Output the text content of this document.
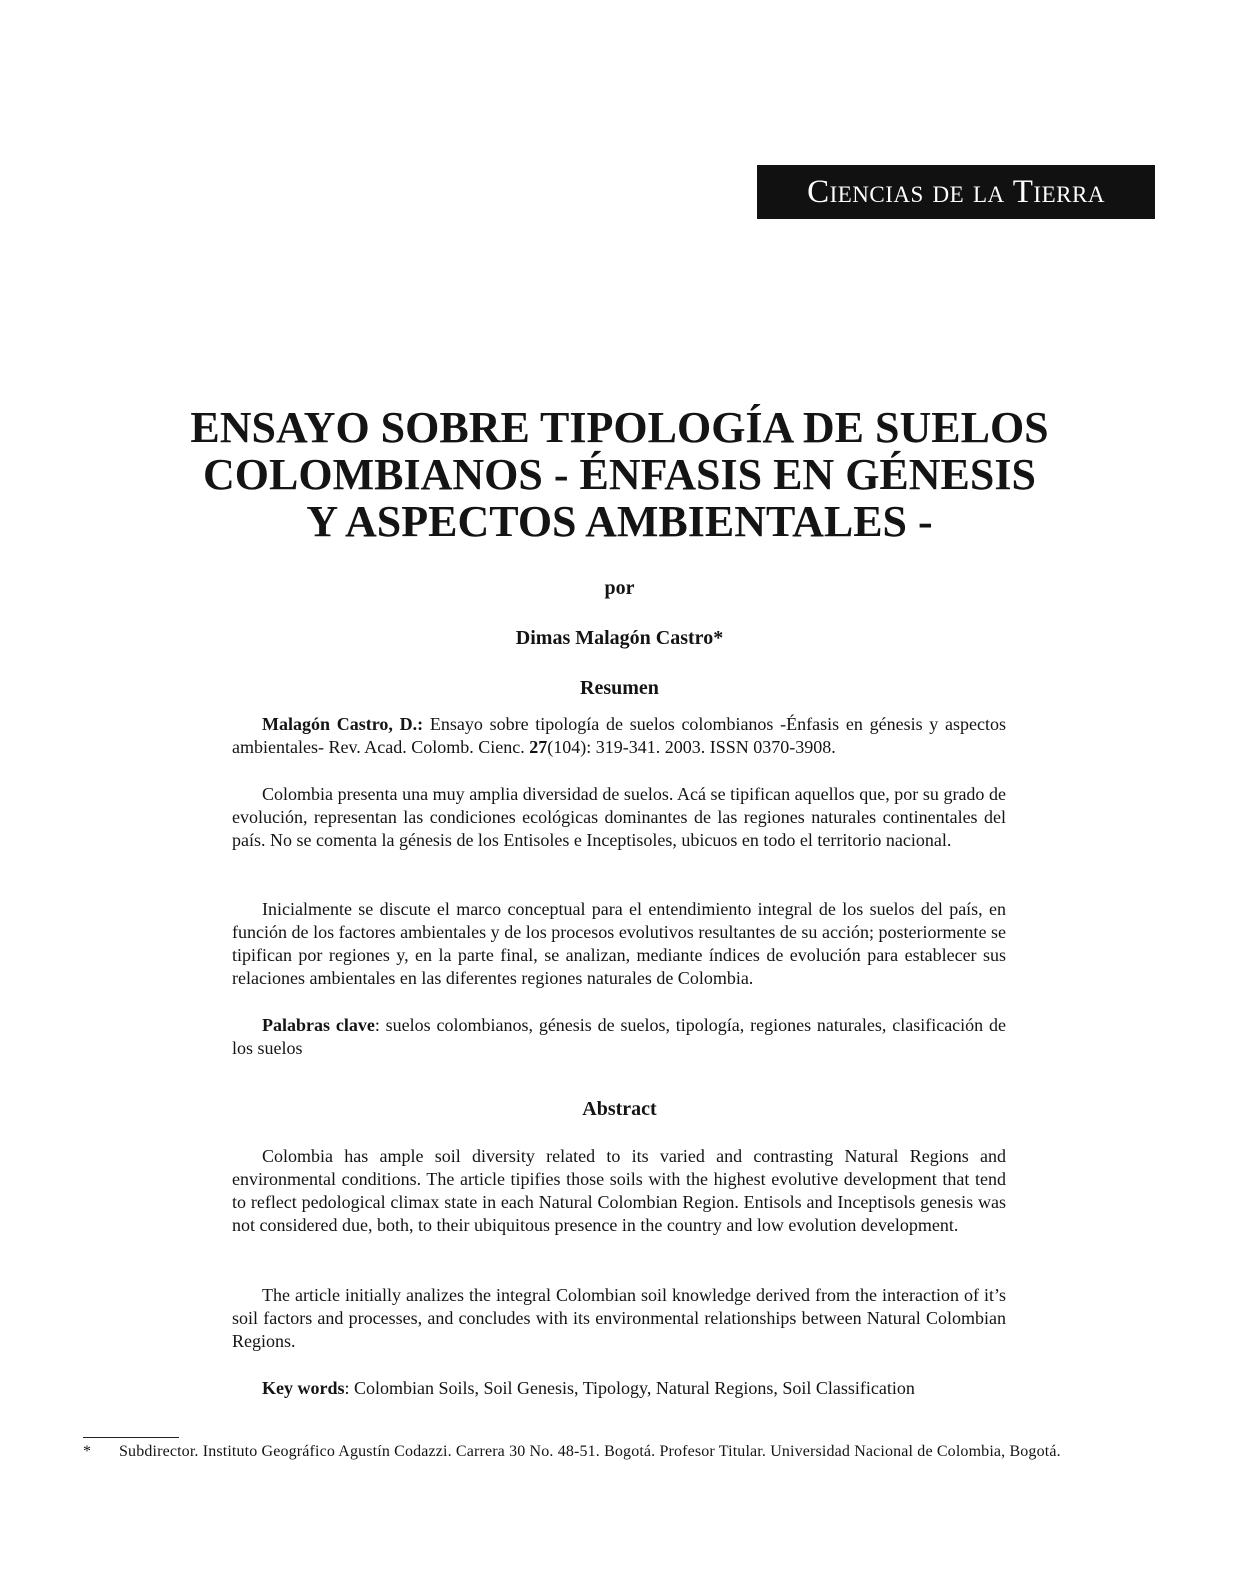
Ciencias de la Tierra
ENSAYO SOBRE TIPOLOGÍA DE SUELOS
COLOMBIANOS - ÉNFASIS EN GÉNESIS
Y ASPECTOS AMBIENTALES -
por
Dimas Malagón Castro*
Resumen

Malagón Castro, D.: Ensayo sobre tipología de suelos colombianos -Énfasis en génesis y aspectos ambientales- Rev. Acad. Colomb. Cienc. 27(104): 319-341. 2003. ISSN 0370-3908.

Colombia presenta una muy amplia diversidad de suelos. Acá se tipifican aquellos que, por su grado de evolución, representan las condiciones ecológicas dominantes de las regiones naturales continentales del país. No se comenta la génesis de los Entisoles e Inceptisoles, ubicuos en todo el territorio nacional.

Inicialmente se discute el marco conceptual para el entendimiento integral de los suelos del país, en función de los factores ambientales y de los procesos evolutivos resultantes de su acción; posteriormente se tipifican por regiones y, en la parte final, se analizan, mediante índices de evolución para establecer sus relaciones ambientales en las diferentes regiones naturales de Colombia.

Palabras clave: suelos colombianos, génesis de suelos, tipología, regiones naturales, clasificación de los suelos

Abstract

Colombia has ample soil diversity related to its varied and contrasting Natural Regions and environmental conditions. The article tipifies those soils with the highest evolutive development that tend to reflect pedological climax state in each Natural Colombian Region. Entisols and Inceptisols genesis was not considered due, both, to their ubiquitous presence in the country and low evolution development.

The article initially analizes the integral Colombian soil knowledge derived from the interaction of it’s soil factors and processes, and concludes with its environmental relationships between Natural Colombian Regions.

Key words: Colombian Soils, Soil Genesis, Tipology, Natural Regions, Soil Classification

* Subdirector. Instituto Geográfico Agustín Codazzi. Carrera 30 No. 48-51. Bogotá. Profesor Titular. Universidad Nacional de Colombia, Bogotá.
